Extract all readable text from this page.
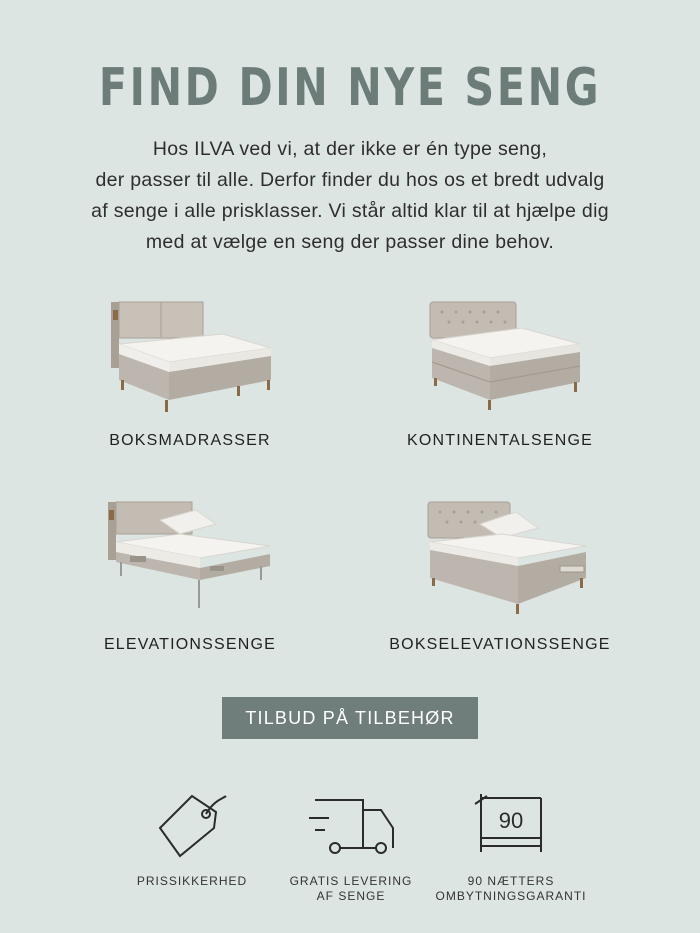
FIND DIN NYE SENG
Hos ILVA ved vi, at der ikke er én type seng,
der passer til alle. Derfor finder du hos os et bredt udvalg
af senge i alle prisklasser. Vi står altid klar til at hjælpe dig
med at vælge en seng der passer dine behov.
BOKSMADRASSER	KONTINENTALSENGE
ELEVATIONSSENGE	BOKSELEVATIONSSENGE
TILBUD PÅ TILBEHØR
PRISSIKKERHED	GRATIS LEVERING
AF SENGE
90
90 NÆTTERS
OMBYTNINGSGARANTI
